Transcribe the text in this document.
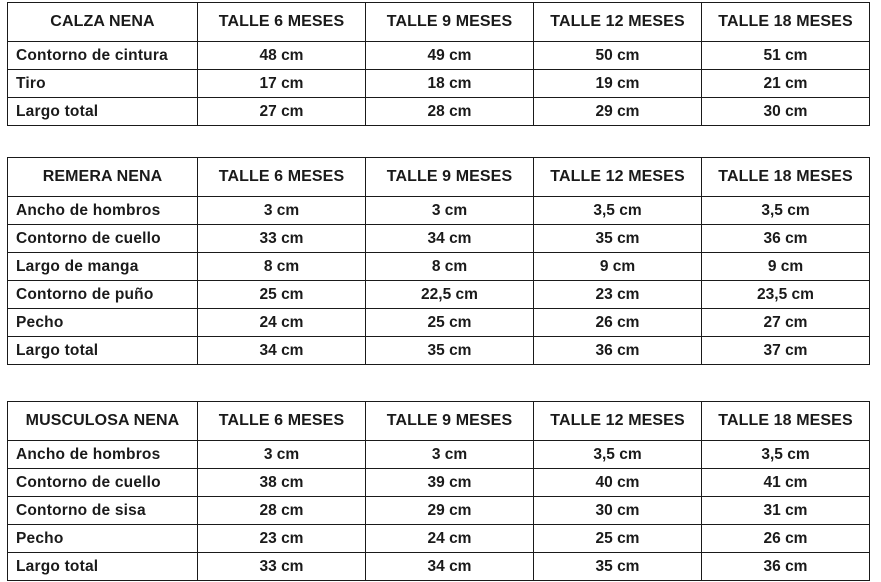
CALZA NENA	TALLE 6 MESES	TALLE 9 MESES	TALLE 12 MESES	TALLE 18 MESES
Contorno de cintura	48 cm	49 cm	50 cm	51 cm
Tiro	17 cm	18 cm	19 cm	21 cm
Largo total	27 cm	28 cm	29 cm	30 cm
REMERA NENA	TALLE 6 MESES	TALLE 9 MESES	TALLE 12 MESES	TALLE 18 MESES
Ancho de hombros	3 cm	3 cm	3,5 cm	3,5 cm
Contorno de cuello	33 cm	34 cm	35 cm	36 cm
Largo de manga	8 cm	8 cm	9 cm	9 cm
Contorno de puño	25 cm	22,5 cm	23 cm	23,5 cm
Pecho	24 cm	25 cm	26 cm	27 cm
Largo total	34 cm	35 cm	36 cm	37 cm
MUSCULOSA NENA	TALLE 6 MESES	TALLE 9 MESES	TALLE 12 MESES	TALLE 18 MESES
Ancho de hombros	3 cm	3 cm	3,5 cm	3,5 cm
Contorno de cuello	38 cm	39 cm	40 cm	41 cm
Contorno de sisa	28 cm	29 cm	30 cm	31 cm
Pecho	23 cm	24 cm	25 cm	26 cm
Largo total	33 cm	34 cm	35 cm	36 cm
